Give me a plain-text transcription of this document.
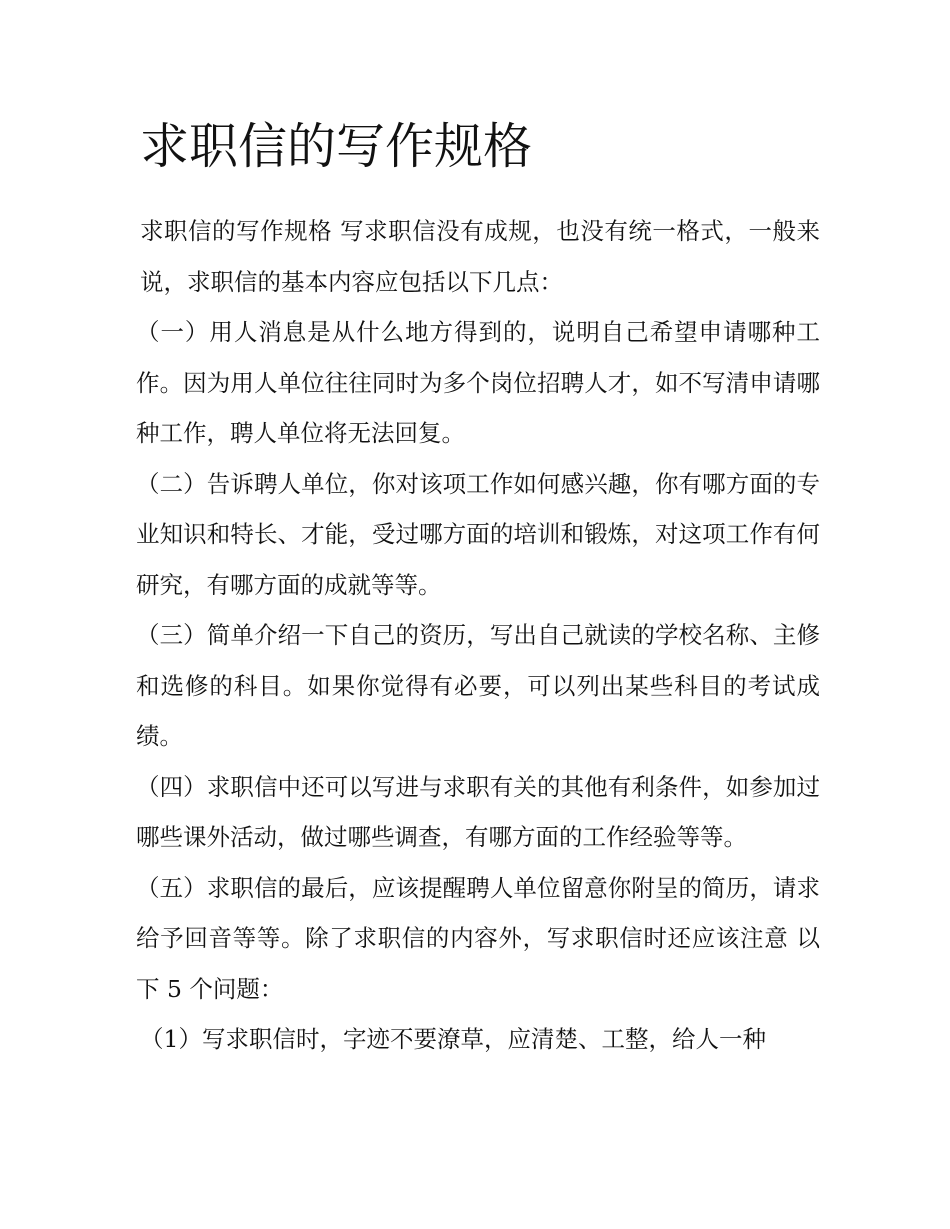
求职信的写作规格

求职信的写作规格 写求职信没有成规，也没有统一格式，一般来说，求职信的基本内容应包括以下几点：

（一）用人消息是从什么地方得到的，说明自己希望申请哪种工作。因为用人单位往往同时为多个岗位招聘人才，如不写清申请哪种工作，聘人单位将无法回复。

（二）告诉聘人单位，你对该项工作如何感兴趣，你有哪方面的专业知识和特长、才能，受过哪方面的培训和锻炼，对这项工作有何研究，有哪方面的成就等等。

（三）简单介绍一下自己的资历，写出自己就读的学校名称、主修和选修的科目。如果你觉得有必要，可以列出某些科目的考试成绩。

（四）求职信中还可以写进与求职有关的其他有利条件，如参加过哪些课外活动，做过哪些调查，有哪方面的工作经验等等。

（五）求职信的最后，应该提醒聘人单位留意你附呈的简历，请求给予回音等等。除了求职信的内容外，写求职信时还应该注意 以下 5 个问题：

（1）写求职信时，字迹不要潦草，应清楚、工整，给人一种
